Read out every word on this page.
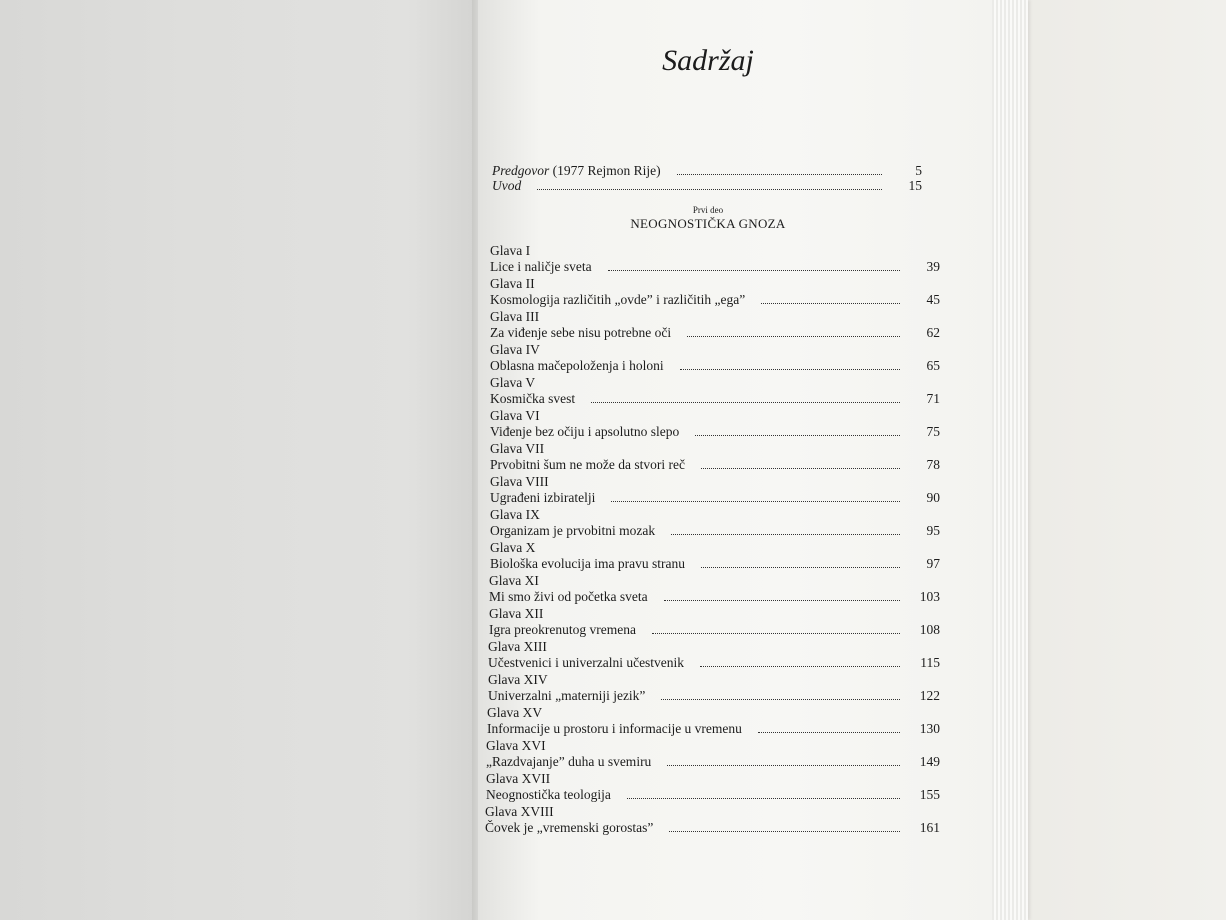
Sadržaj
Predgovor (1977 Rejmon Rije)	5
Uvod	15
Prvi deo
NEOGNOSTIČKA GNOZA
Glava I
Lice i naličje sveta	39
Glava II
Kosmologija različitih „ovde” i različitih „ega”	45
Glava III
Za viđenje sebe nisu potrebne oči	62
Glava IV
Oblasna mačepoloženja i holoni	65
Glava V
Kosmička svest	71
Glava VI
Viđenje bez očiju i apsolutno slepo	75
Glava VII
Prvobitni šum ne može da stvori reč	78
Glava VIII
Ugrađeni izbiratelji	90
Glava IX
Organizam je prvobitni mozak	95
Glava X
Biološka evolucija ima pravu stranu	97
Glava XI
Mi smo živi od početka sveta	103
Glava XII
Igra preokrenutog vremena	108
Glava XIII
Učestvenici i univerzalni učestvenik	115
Glava XIV
Univerzalni „materniji jezik”	122
Glava XV
Informacije u prostoru i informacije u vremenu	130
Glava XVI
„Razdvajanje” duha u svemiru	149
Glava XVII
Neognostička teologija	155
Glava XVIII
Čovek je „vremenski gorostas”	161
